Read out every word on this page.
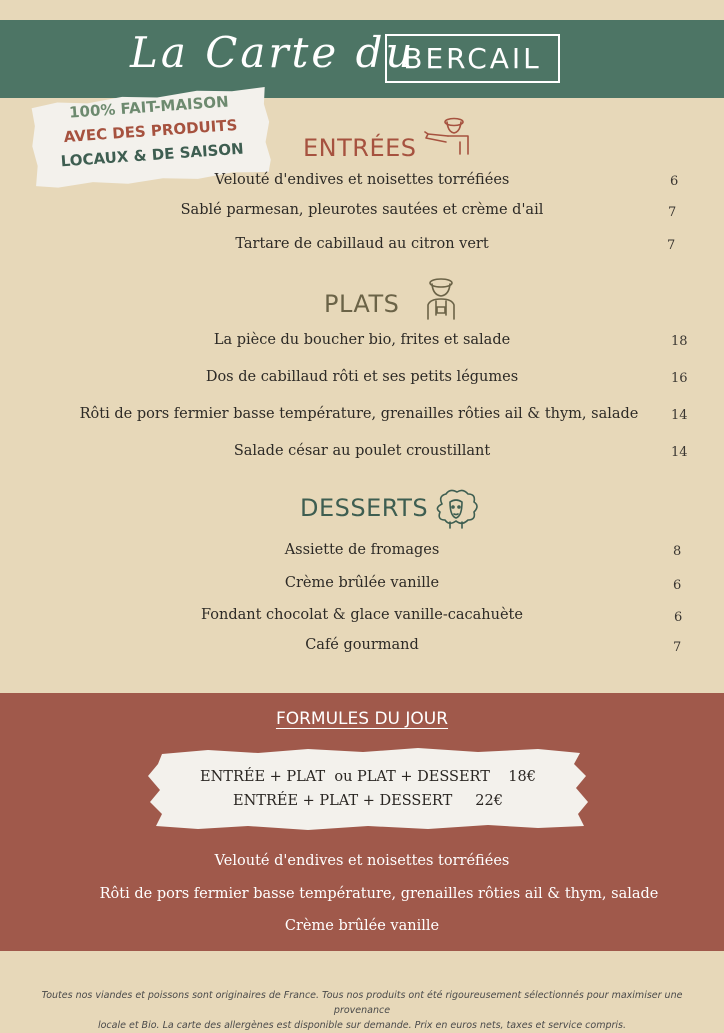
La Carte du
BERCAIL
100% FAIT-MAISON
AVEC DES PRODUITS
LOCAUX & DE SAISON	ENTRÉES
Velouté d'endives et noisettes torréfiées	6
Sablé parmesan, pleurotes sautées et crème d'ail	7
Tartare de cabillaud au citron vert	7
PLATS
La pièce du boucher bio, frites et salade	18
Dos de cabillaud rôti et ses petits légumes	16
Rôti de pors fermier basse température, grenailles rôties ail & thym, salade	14
Salade césar au poulet croustillant	14
DESSERTS
Assiette de fromages	8
Crème brûlée vanille	6
Fondant chocolat & glace vanille-cacahuète	6
Café gourmand	7
FORMULES DU JOUR
ENTRÉE + PLAT  ou PLAT + DESSERT    18€
ENTRÉE + PLAT + DESSERT     22€
Velouté d'endives et noisettes torréfiées
Rôti de pors fermier basse température, grenailles rôties ail & thym, salade
Crème brûlée vanille
Toutes nos viandes et poissons sont originaires de France. Tous nos produits ont été rigoureusement sélectionnés pour maximiser une provenance
locale et Bio. La carte des allergènes est disponible sur demande. Prix en euros nets, taxes et service compris.
